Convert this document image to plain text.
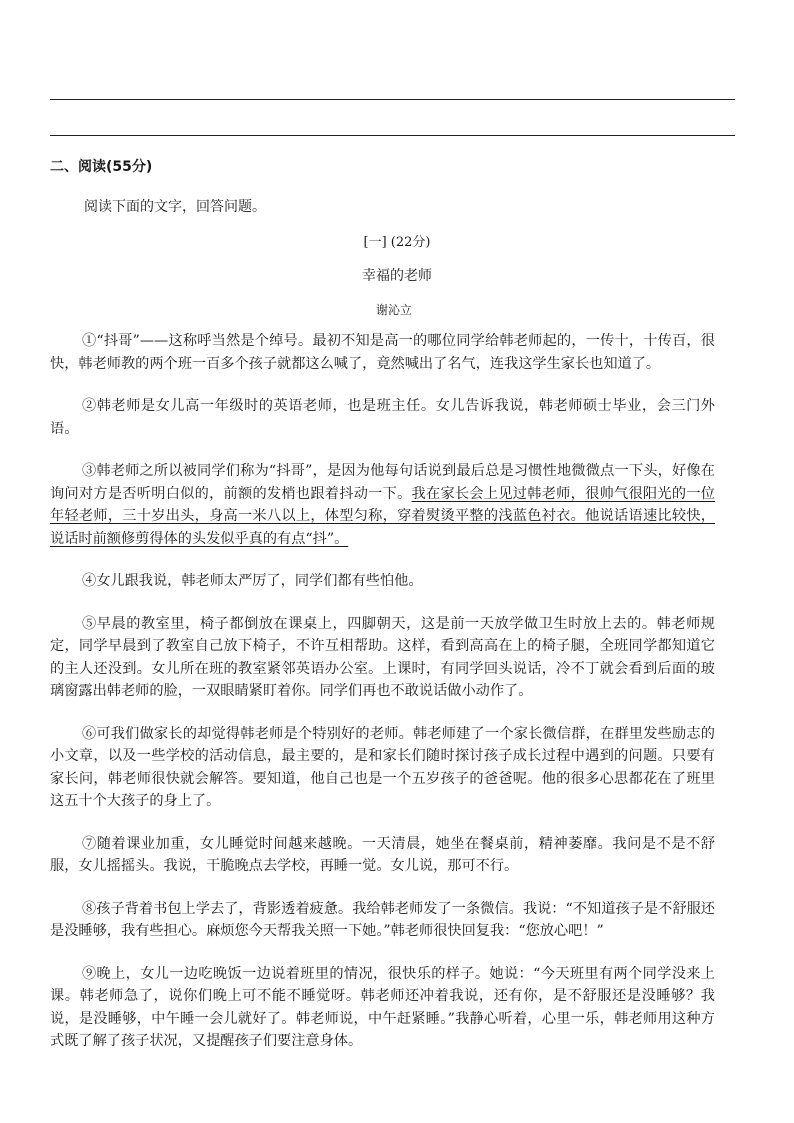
二、阅读(55分)
阅读下面的文字，回答问题。
[一] (22分)
幸福的老师
谢沁立

①“抖哥”——这称呼当然是个绰号。最初不知是高一的哪位同学给韩老师起的，一传十，十传百，很快，韩老师教的两个班一百多个孩子就都这么喊了，竟然喊出了名气，连我这学生家长也知道了。

②韩老师是女儿高一年级时的英语老师，也是班主任。女儿告诉我说，韩老师硕士毕业，会三门外语。

③韩老师之所以被同学们称为“抖哥”，是因为他每句话说到最后总是习惯性地微微点一下头，好像在询问对方是否听明白似的，前额的发梢也跟着抖动一下。我在家长会上见过韩老师，很帅气很阳光的一位年轻老师，三十岁出头，身高一米八以上，体型匀称，穿着熨烫平整的浅蓝色衬衣。他说话语速比较快，说话时前额修剪得体的头发似乎真的有点“抖”。

④女儿跟我说，韩老师太严厉了，同学们都有些怕他。

⑤早晨的教室里，椅子都倒放在课桌上，四脚朝天，这是前一天放学做卫生时放上去的。韩老师规定，同学早晨到了教室自己放下椅子，不许互相帮助。这样，看到高高在上的椅子腿，全班同学都知道它的主人还没到。女儿所在班的教室紧邻英语办公室。上课时，有同学回头说话，冷不丁就会看到后面的玻璃窗露出韩老师的脸，一双眼睛紧盯着你。同学们再也不敢说话做小动作了。

⑥可我们做家长的却觉得韩老师是个特别好的老师。韩老师建了一个家长微信群，在群里发些励志的小文章，以及一些学校的活动信息，最主要的，是和家长们随时探讨孩子成长过程中遇到的问题。只要有家长问，韩老师很快就会解答。要知道，他自己也是一个五岁孩子的爸爸呢。他的很多心思都花在了班里这五十个大孩子的身上了。

⑦随着课业加重，女儿睡觉时间越来越晚。一天清晨，她坐在餐桌前，精神萎靡。我问是不是不舒服，女儿摇摇头。我说，干脆晚点去学校，再睡一觉。女儿说，那可不行。

⑧孩子背着书包上学去了，背影透着疲惫。我给韩老师发了一条微信。我说：“不知道孩子是不舒服还是没睡够，我有些担心。麻烦您今天帮我关照一下她。”韩老师很快回复我：“您放心吧！”

⑨晚上，女儿一边吃晚饭一边说着班里的情况，很快乐的样子。她说：“今天班里有两个同学没来上课。韩老师急了，说你们晚上可不能不睡觉呀。韩老师还冲着我说，还有你，是不舒服还是没睡够？我说，是没睡够，中午睡一会儿就好了。韩老师说，中午赶紧睡。”我静心听着，心里一乐，韩老师用这种方式既了解了孩子状况，又提醒孩子们要注意身体。
